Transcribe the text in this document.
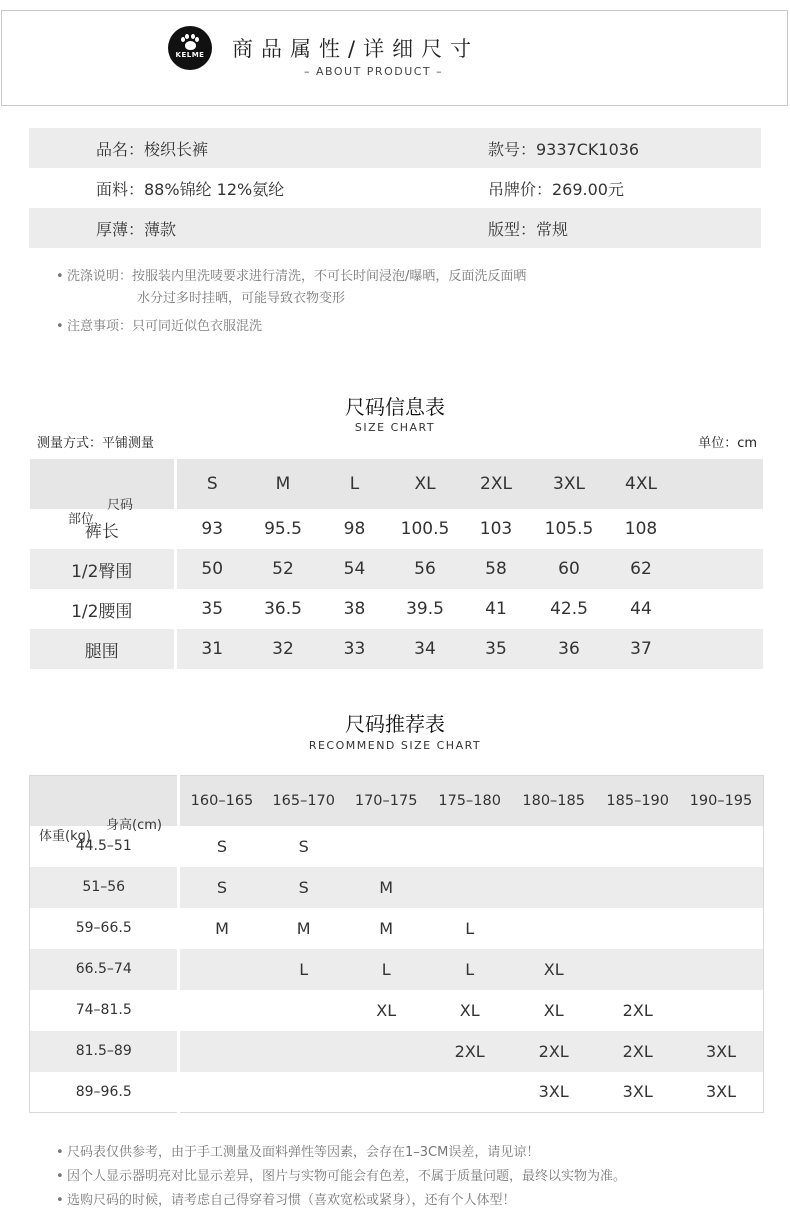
KELME 商品属性/详细尺寸
– ABOUT PRODUCT –
品名：梭织长裤	款号：9337CK1036
面料：88%锦纶 12%氨纶	吊牌价：269.00元
厚薄：薄款	版型：常规
• 洗涤说明： 按服装内里洗唛要求进行清洗，不可长时间浸泡/曝晒，反面洗反面晒
水分过多时挂晒，可能导致衣物变形
• 注意事项： 只可同近似色衣服混洗
尺码信息表
SIZE CHART
测量方式：平铺测量	单位：cm
尺码
部位	S	M	L	XL	2XL	3XL	4XL	
裤长	93	95.5	98	100.5	103	105.5	108	
1/2臀围	50	52	54	56	58	60	62	
1/2腰围	35	36.5	38	39.5	41	42.5	44	
腿围	31	32	33	34	35	36	37	
尺码推荐表
RECOMMEND SIZE CHART
身高(cm)
体重(kg)	160–165	165–170	170–175	175–180	180–185	185–190	190–195
44.5–51	S	S					
51–56	S	S	M				
59–66.5	M	M	M	L			
66.5–74		L	L	L	XL		
74–81.5			XL	XL	XL	2XL	
81.5–89				2XL	2XL	2XL	3XL
89–96.5					3XL	3XL	3XL
• 尺码表仅供参考，由于手工测量及面料弹性等因素，会存在1–3CM误差，请见谅！
• 因个人显示器明亮对比显示差异，图片与实物可能会有色差，不属于质量问题，最终以实物为准。
• 选购尺码的时候，请考虑自己得穿着习惯（喜欢宽松或紧身），还有个人体型！
